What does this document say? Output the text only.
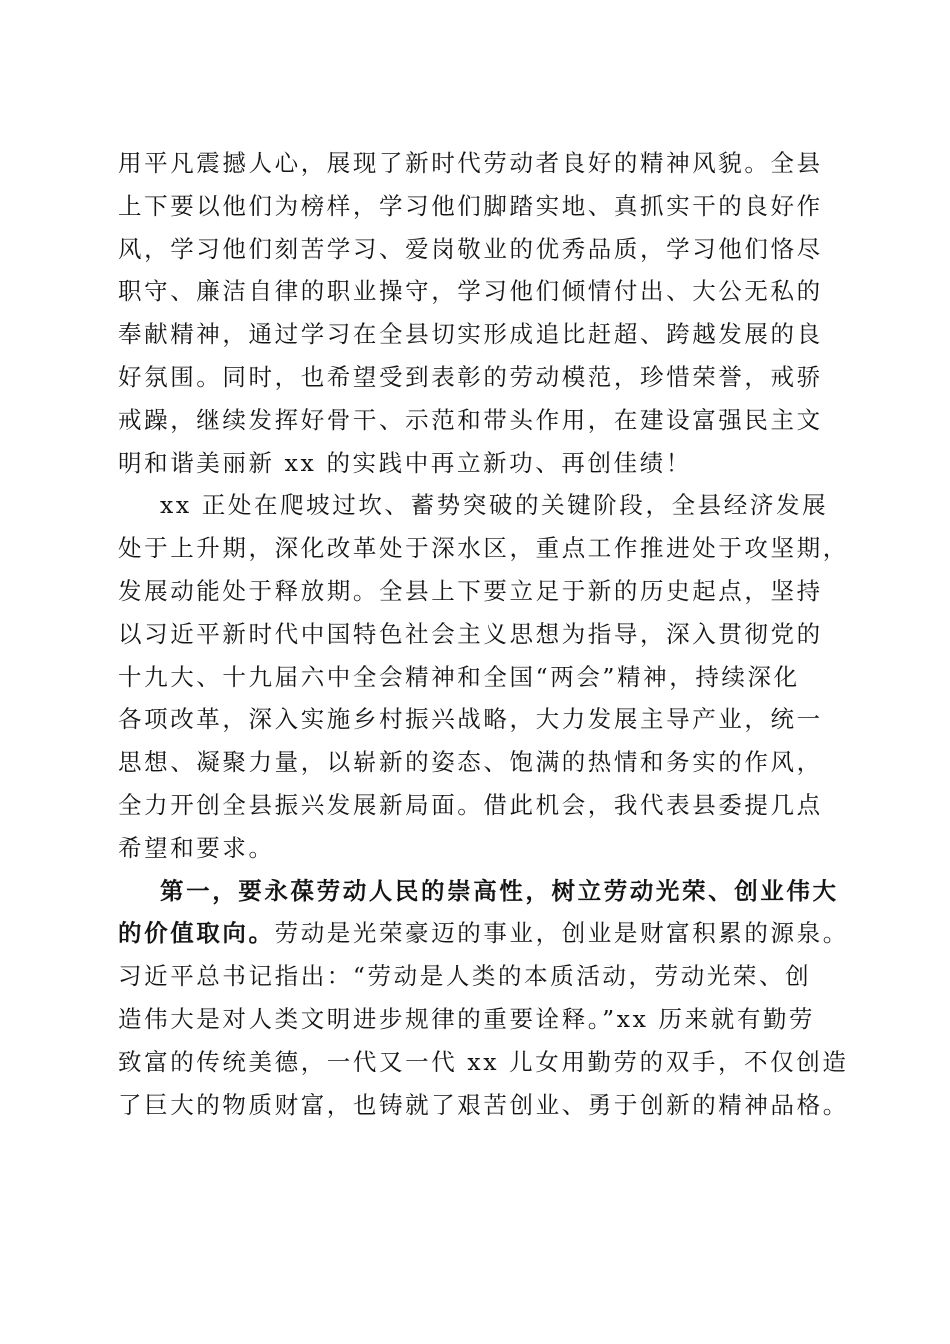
用平凡震撼人心，展现了新时代劳动者良好的精神风貌。全县
上下要以他们为榜样，学习他们脚踏实地、真抓实干的良好作
风，学习他们刻苦学习、爱岗敬业的优秀品质，学习他们恪尽
职守、廉洁自律的职业操守，学习他们倾情付出、大公无私的
奉献精神，通过学习在全县切实形成追比赶超、跨越发展的良
好氛围。同时，也希望受到表彰的劳动模范，珍惜荣誉，戒骄
戒躁，继续发挥好骨干、示范和带头作用，在建设富强民主文
明和谐美丽新 xx 的实践中再立新功、再创佳绩！
xx 正处在爬坡过坎、蓄势突破的关键阶段，全县经济发展
处于上升期，深化改革处于深水区，重点工作推进处于攻坚期，
发展动能处于释放期。全县上下要立足于新的历史起点，坚持
以习近平新时代中国特色社会主义思想为指导，深入贯彻党的
十九大、十九届六中全会精神和全国“两会”精神，持续深化
各项改革，深入实施乡村振兴战略，大力发展主导产业，统一
思想、凝聚力量，以崭新的姿态、饱满的热情和务实的作风，
全力开创全县振兴发展新局面。借此机会，我代表县委提几点
希望和要求。
第一，要永葆劳动人民的崇高性，树立劳动光荣、创业伟大
的价值取向。劳动是光荣豪迈的事业，创业是财富积累的源泉。
习近平总书记指出：“劳动是人类的本质活动，劳动光荣、创
造伟大是对人类文明进步规律的重要诠释。”xx 历来就有勤劳
致富的传统美德，一代又一代 xx 儿女用勤劳的双手，不仅创造
了巨大的物质财富，也铸就了艰苦创业、勇于创新的精神品格。
